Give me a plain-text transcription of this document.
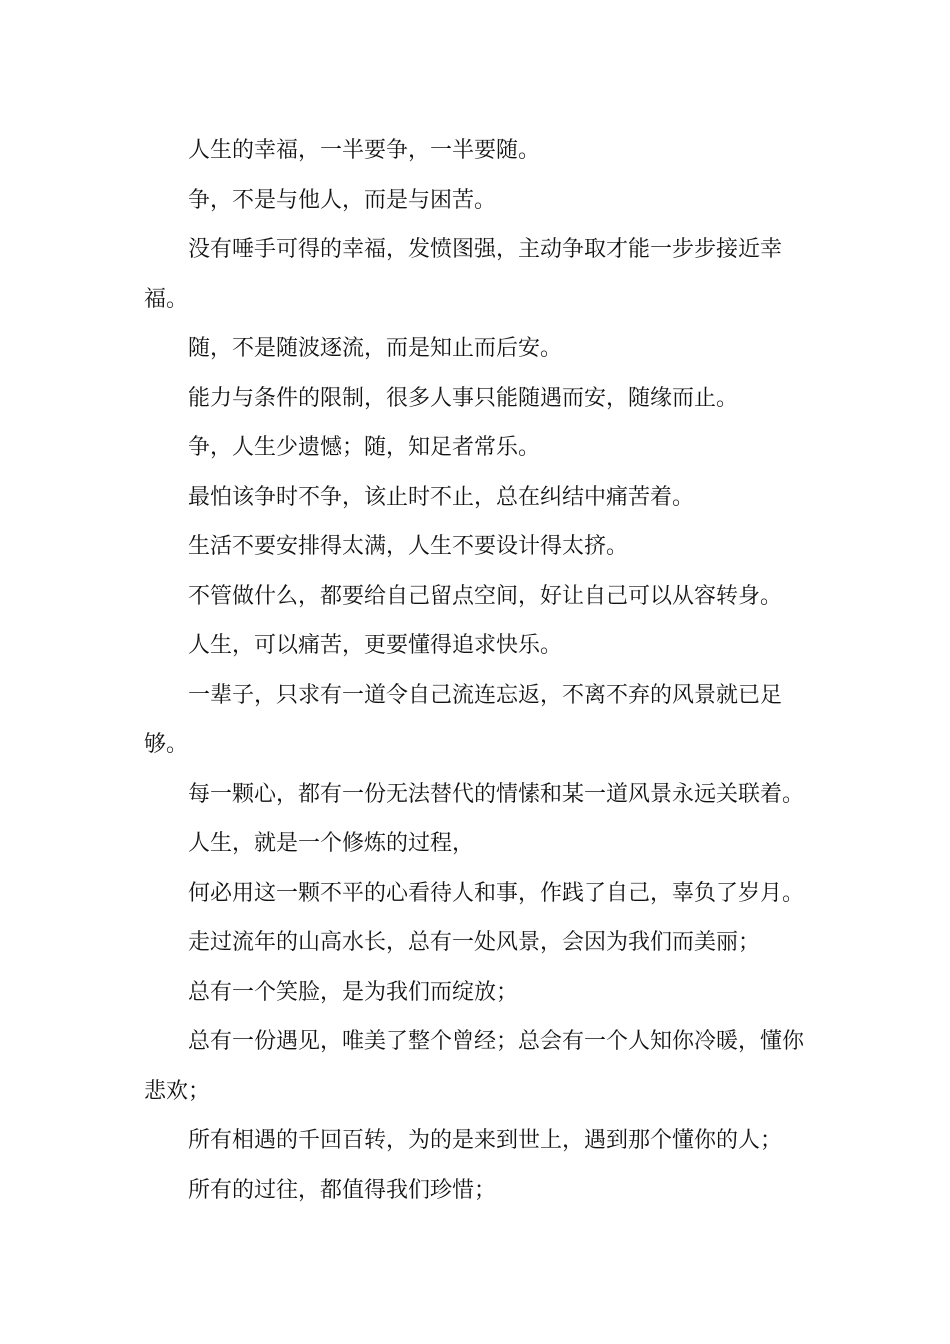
人生的幸福，一半要争，一半要随。

争，不是与他人，而是与困苦。

没有唾手可得的幸福，发愤图强，主动争取才能一步步接近幸福。

随，不是随波逐流，而是知止而后安。

能力与条件的限制，很多人事只能随遇而安，随缘而止。

争，人生少遗憾；随，知足者常乐。

最怕该争时不争，该止时不止，总在纠结中痛苦着。

生活不要安排得太满，人生不要设计得太挤。

不管做什么，都要给自己留点空间，好让自己可以从容转身。

人生，可以痛苦，更要懂得追求快乐。

一辈子，只求有一道令自己流连忘返，不离不弃的风景就已足够。

每一颗心，都有一份无法替代的情愫和某一道风景永远关联着。

人生，就是一个修炼的过程，

何必用这一颗不平的心看待人和事，作践了自己，辜负了岁月。

走过流年的山高水长，总有一处风景，会因为我们而美丽；

总有一个笑脸，是为我们而绽放；

总有一份遇见，唯美了整个曾经；总会有一个人知你冷暖，懂你悲欢；

所有相遇的千回百转，为的是来到世上，遇到那个懂你的人；

所有的过往，都值得我们珍惜；
